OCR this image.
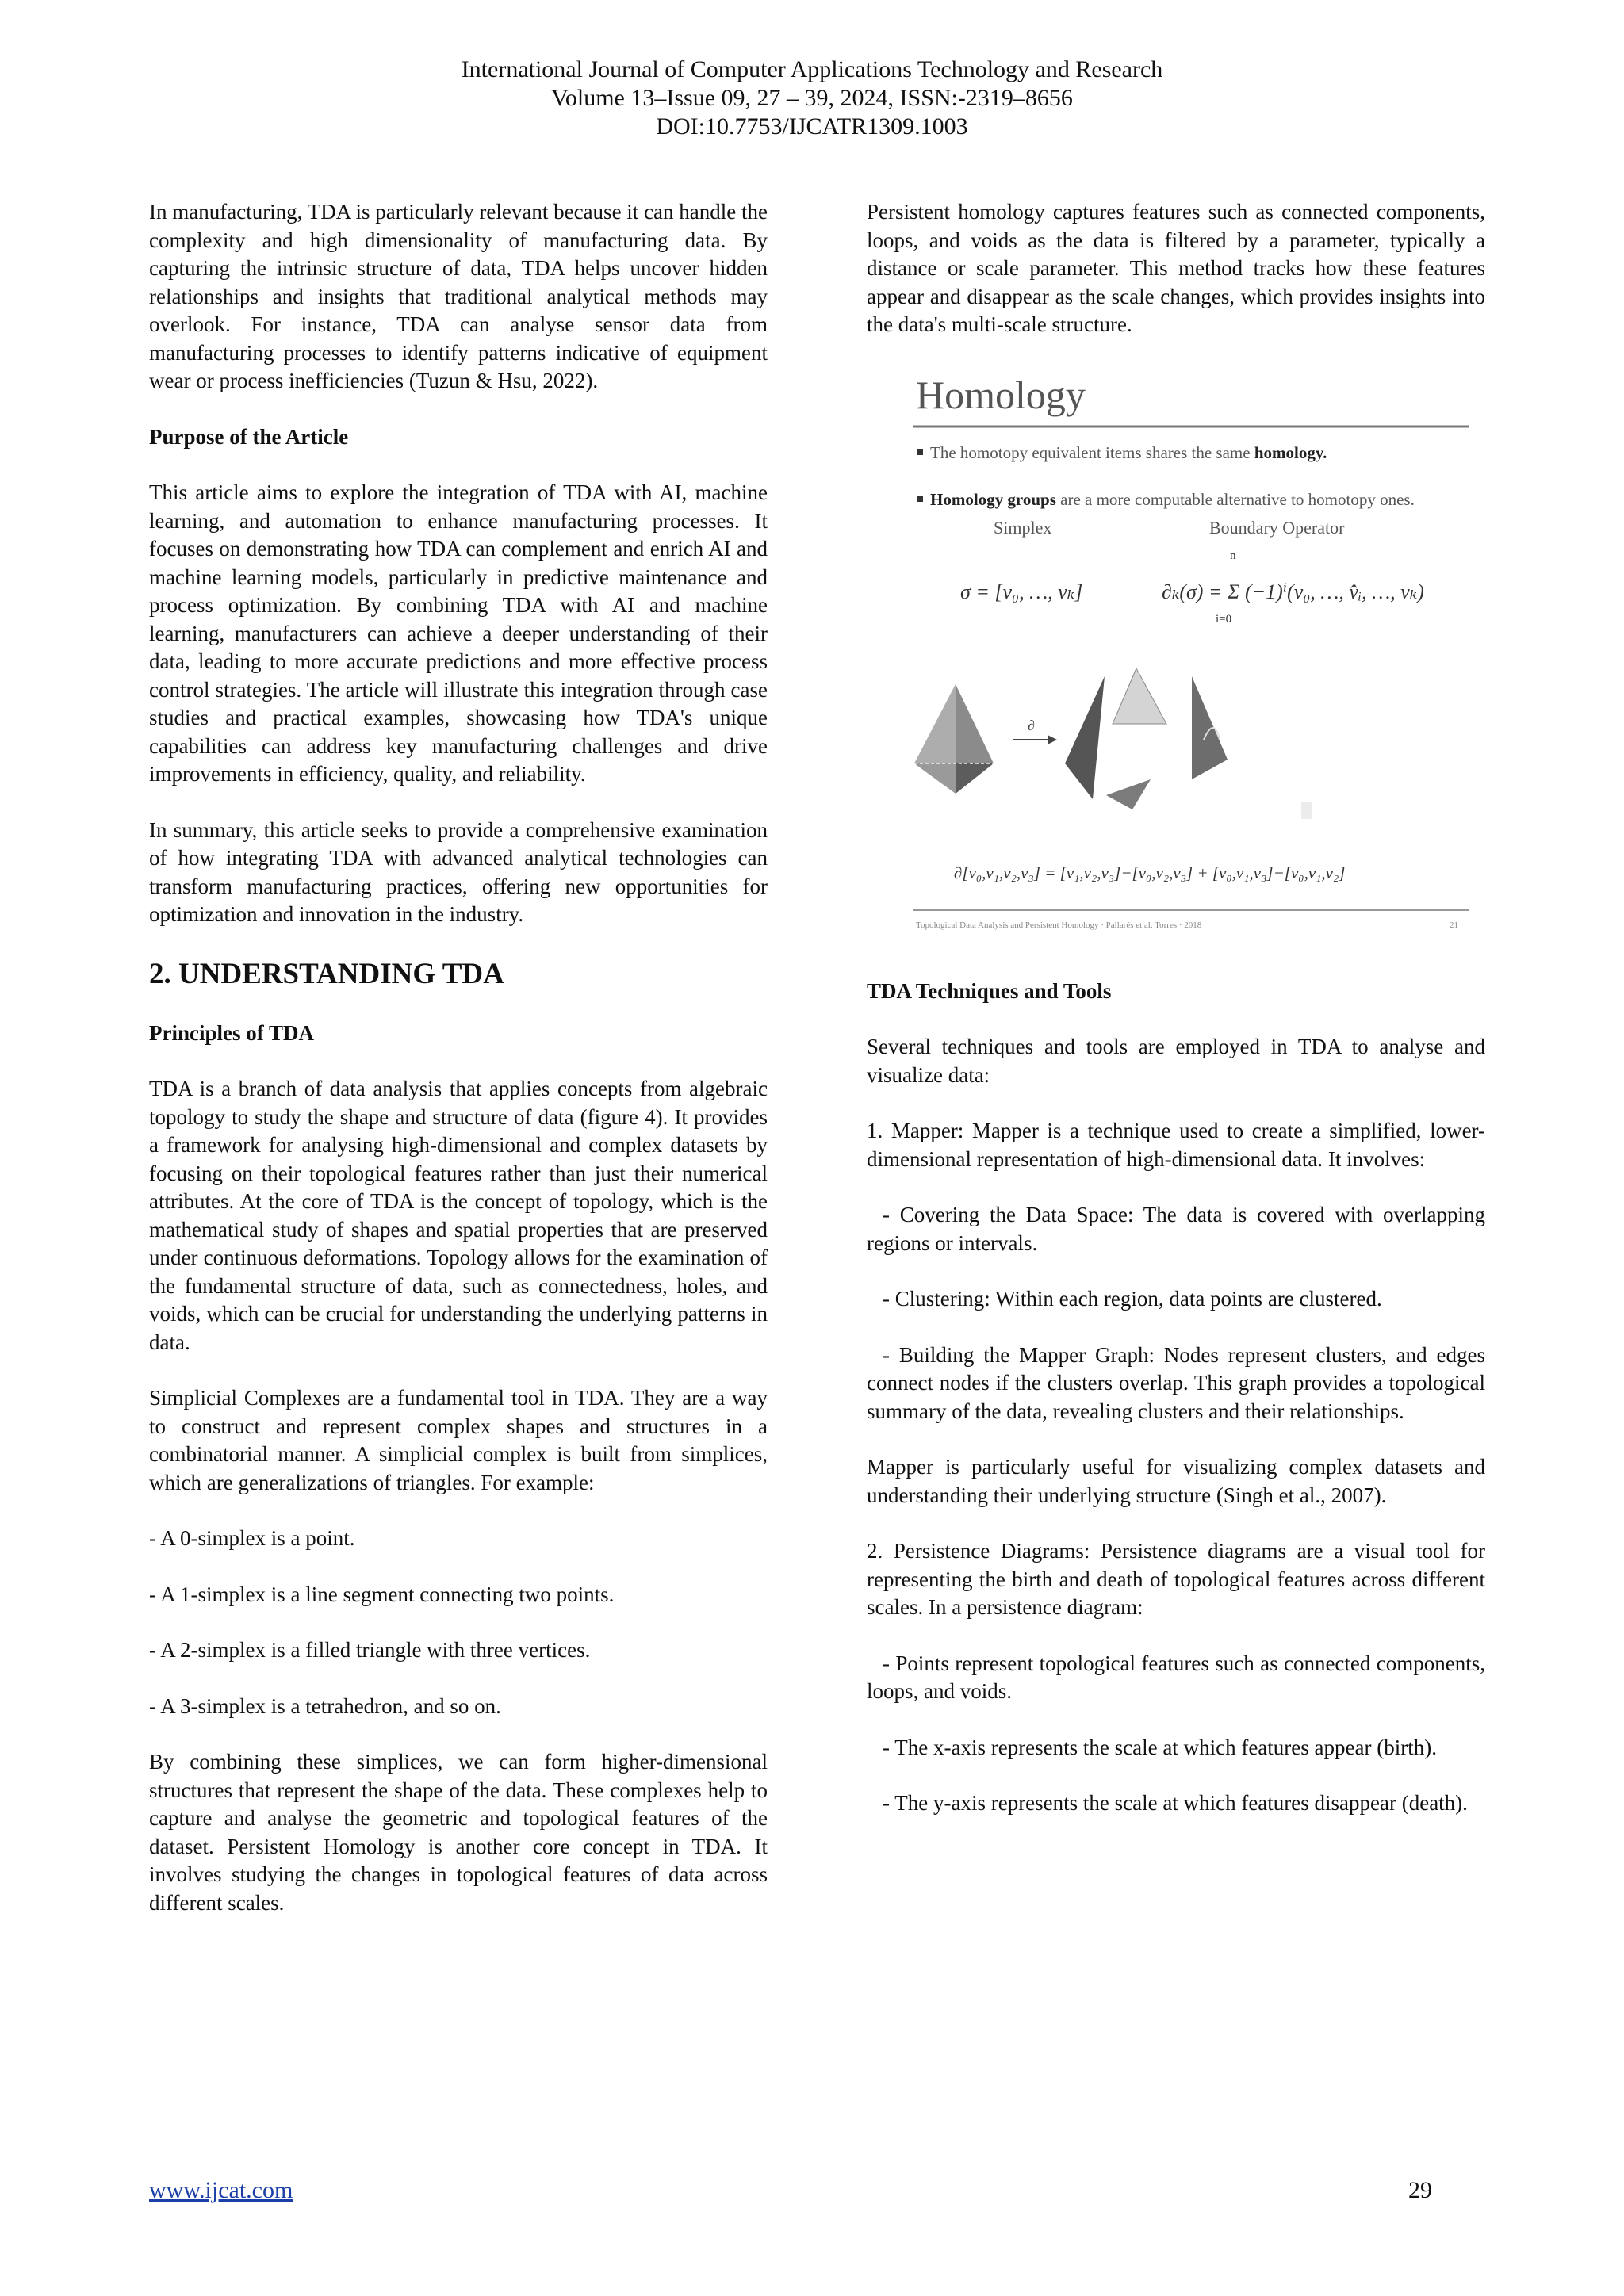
International Journal of Computer Applications Technology and Research
Volume 13–Issue 09, 27 – 39, 2024, ISSN:-2319–8656
DOI:10.7753/IJCATR1309.1003

In manufacturing, TDA is particularly relevant because it can handle the complexity and high dimensionality of manufacturing data. By capturing the intrinsic structure of data, TDA helps uncover hidden relationships and insights that traditional analytical methods may overlook. For instance, TDA can analyse sensor data from manufacturing processes to identify patterns indicative of equipment wear or process inefficiencies (Tuzun & Hsu, 2022).

Purpose of the Article

This article aims to explore the integration of TDA with AI, machine learning, and automation to enhance manufacturing processes. It focuses on demonstrating how TDA can complement and enrich AI and machine learning models, particularly in predictive maintenance and process optimization. By combining TDA with AI and machine learning, manufacturers can achieve a deeper understanding of their data, leading to more accurate predictions and more effective process control strategies. The article will illustrate this integration through case studies and practical examples, showcasing how TDA's unique capabilities can address key manufacturing challenges and drive improvements in efficiency, quality, and reliability.

In summary, this article seeks to provide a comprehensive examination of how integrating TDA with advanced analytical technologies can transform manufacturing practices, offering new opportunities for optimization and innovation in the industry.

2. UNDERSTANDING TDA

Principles of TDA

TDA is a branch of data analysis that applies concepts from algebraic topology to study the shape and structure of data (figure 4). It provides a framework for analysing high-dimensional and complex datasets by focusing on their topological features rather than just their numerical attributes. At the core of TDA is the concept of topology, which is the mathematical study of shapes and spatial properties that are preserved under continuous deformations. Topology allows for the examination of the fundamental structure of data, such as connectedness, holes, and voids, which can be crucial for understanding the underlying patterns in data.

Simplicial Complexes are a fundamental tool in TDA. They are a way to construct and represent complex shapes and structures in a combinatorial manner. A simplicial complex is built from simplices, which are generalizations of triangles. For example:

- A 0-simplex is a point.

- A 1-simplex is a line segment connecting two points.

- A 2-simplex is a filled triangle with three vertices.

- A 3-simplex is a tetrahedron, and so on.

By combining these simplices, we can form higher-dimensional structures that represent the shape of the data. These complexes help to capture and analyse the geometric and topological features of the dataset. Persistent Homology is another core concept in TDA. It involves studying the changes in topological features of data across different scales.

Persistent homology captures features such as connected components, loops, and voids as the data is filtered by a parameter, typically a distance or scale parameter. This method tracks how these features appear and disappear as the scale changes, which provides insights into the data's multi-scale structure.

Homology
The homotopy equivalent items shares the same homology.
Homology groups are a more computable alternative to homotopy ones.
Simplex	Boundary Operator
σ = [v₀, …, vₖ]
n
i=0
∂ₖ(σ) = Σ (−1)ⁱ(v₀, …, v̂ᵢ, …, vₖ)
∂
∂[v₀,v₁,v₂,v₃] = [v₁,v₂,v₃]−[v₀,v₂,v₃] + [v₀,v₁,v₃]−[v₀,v₁,v₂]
Topological Data Analysis and Persistent Homology · Pallarés et al. Torres · 2018	21

TDA Techniques and Tools

Several techniques and tools are employed in TDA to analyse and visualize data:

1. Mapper: Mapper is a technique used to create a simplified, lower-dimensional representation of high-dimensional data. It involves:

- Covering the Data Space: The data is covered with overlapping regions or intervals.

- Clustering: Within each region, data points are clustered.

- Building the Mapper Graph: Nodes represent clusters, and edges connect nodes if the clusters overlap. This graph provides a topological summary of the data, revealing clusters and their relationships.

Mapper is particularly useful for visualizing complex datasets and understanding their underlying structure (Singh et al., 2007).

2. Persistence Diagrams: Persistence diagrams are a visual tool for representing the birth and death of topological features across different scales. In a persistence diagram:

- Points represent topological features such as connected components, loops, and voids.

- The x-axis represents the scale at which features appear (birth).

- The y-axis represents the scale at which features disappear (death).

www.ijcat.com	29
